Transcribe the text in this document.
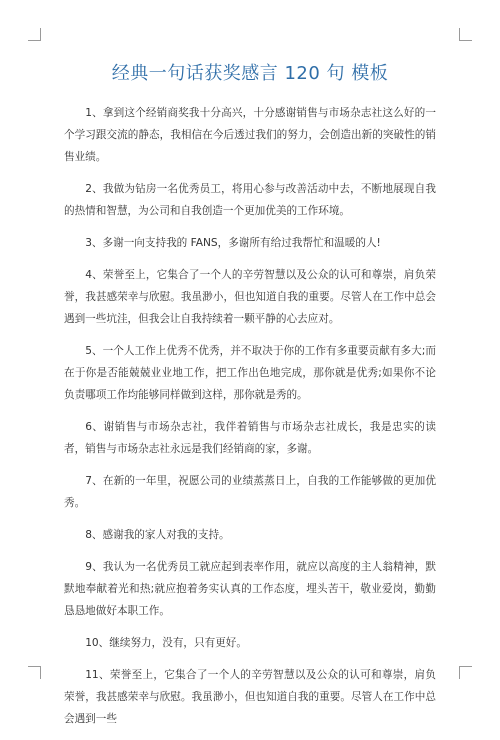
经典一句话获奖感言 120 句 模板

1、拿到这个经销商奖我十分高兴，十分感谢销售与市场杂志社这么好的一个学习跟交流的静态，我相信在今后透过我们的努力，会创造出新的突破性的销售业绩。

2、我做为钻房一名优秀员工，将用心参与改善活动中去，不断地展现自我的热情和智慧，为公司和自我创造一个更加优美的工作环境。

3、多谢一向支持我的 FANS，多谢所有给过我帮忙和温暖的人!

4、荣誉至上，它集合了一个人的辛劳智慧以及公众的认可和尊崇，肩负荣誉，我甚感荣幸与欣慰。我虽渺小，但也知道自我的重要。尽管人在工作中总会遇到一些坑洼，但我会让自我持续着一颗平静的心去应对。

5、一个人工作上优秀不优秀，并不取决于你的工作有多重要贡献有多大;而在于你是否能兢兢业业地工作，把工作出色地完成，那你就是优秀;如果你不论负责哪项工作均能够同样做到这样，那你就是秀的。

6、谢销售与市场杂志社，我伴着销售与市场杂志社成长，我是忠实的读者，销售与市场杂志社永远是我们经销商的家，多谢。

7、在新的一年里，祝愿公司的业绩蒸蒸日上，自我的工作能够做的更加优秀。

8、感谢我的家人对我的支持。

9、我认为一名优秀员工就应起到表率作用，就应以高度的主人翁精神，默默地奉献着光和热;就应抱着务实认真的工作态度，埋头苦干，敬业爱岗，勤勤恳恳地做好本职工作。

10、继续努力，没有，只有更好。

11、荣誉至上，它集合了一个人的辛劳智慧以及公众的认可和尊崇，肩负荣誉，我甚感荣幸与欣慰。我虽渺小，但也知道自我的重要。尽管人在工作中总会遇到一些
